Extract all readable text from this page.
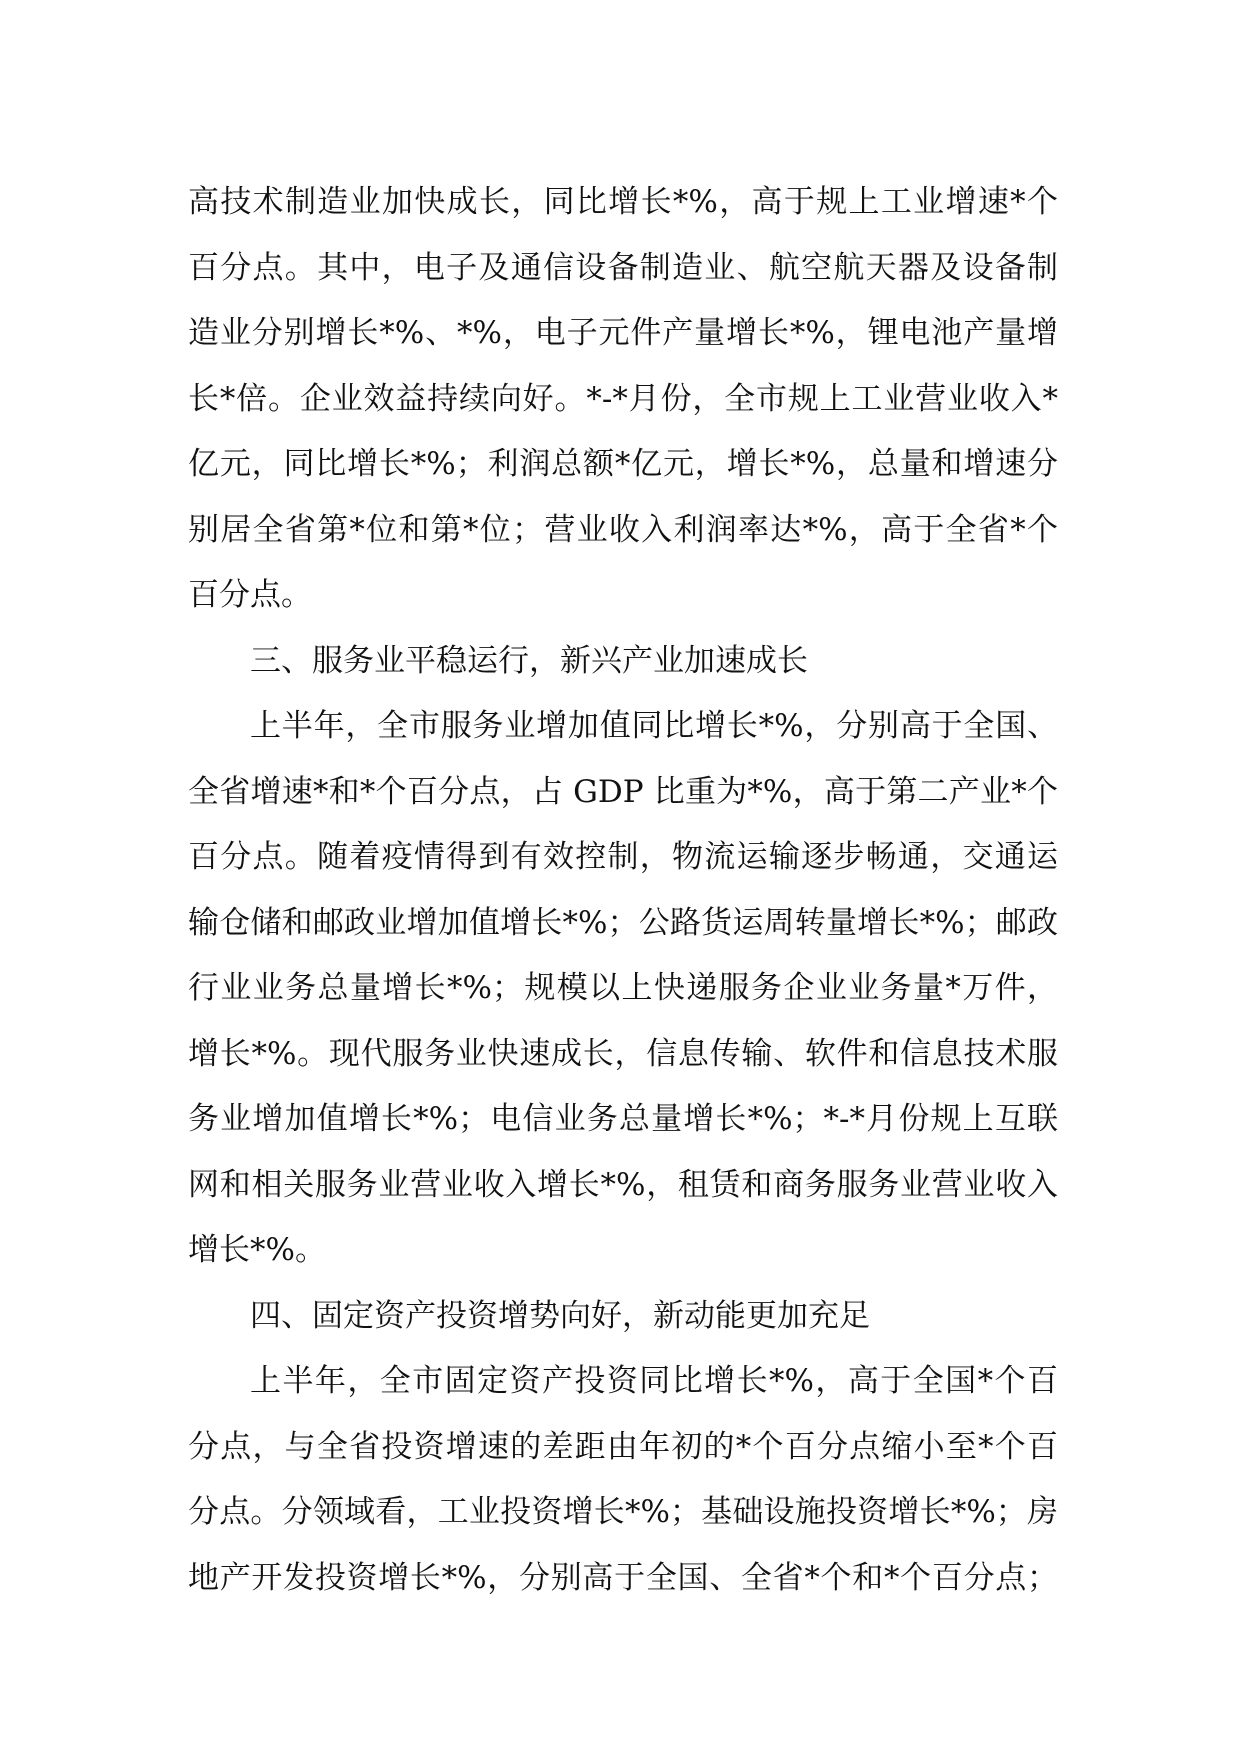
高技术制造业加快成长，同比增长*%，高于规上工业增速*个
百分点。其中，电子及通信设备制造业、航空航天器及设备制
造业分别增长*%、*%，电子元件产量增长*%，锂电池产量增
长*倍。企业效益持续向好。*-*月份，全市规上工业营业收入*
亿元，同比增长*%；利润总额*亿元，增长*%，总量和增速分
别居全省第*位和第*位；营业收入利润率达*%，高于全省*个
百分点。
三、服务业平稳运行，新兴产业加速成长
上半年，全市服务业增加值同比增长*%，分别高于全国、
全省增速*和*个百分点，占 GDP 比重为*%，高于第二产业*个
百分点。随着疫情得到有效控制，物流运输逐步畅通，交通运
输仓储和邮政业增加值增长*%；公路货运周转量增长*%；邮政
行业业务总量增长*%；规模以上快递服务企业业务量*万件，
增长*%。现代服务业快速成长，信息传输、软件和信息技术服
务业增加值增长*%；电信业务总量增长*%；*-*月份规上互联
网和相关服务业营业收入增长*%，租赁和商务服务业营业收入
增长*%。
四、固定资产投资增势向好，新动能更加充足
上半年，全市固定资产投资同比增长*%，高于全国*个百
分点，与全省投资增速的差距由年初的*个百分点缩小至*个百
分点。分领域看，工业投资增长*%；基础设施投资增长*%；房
地产开发投资增长*%，分别高于全国、全省*个和*个百分点；
